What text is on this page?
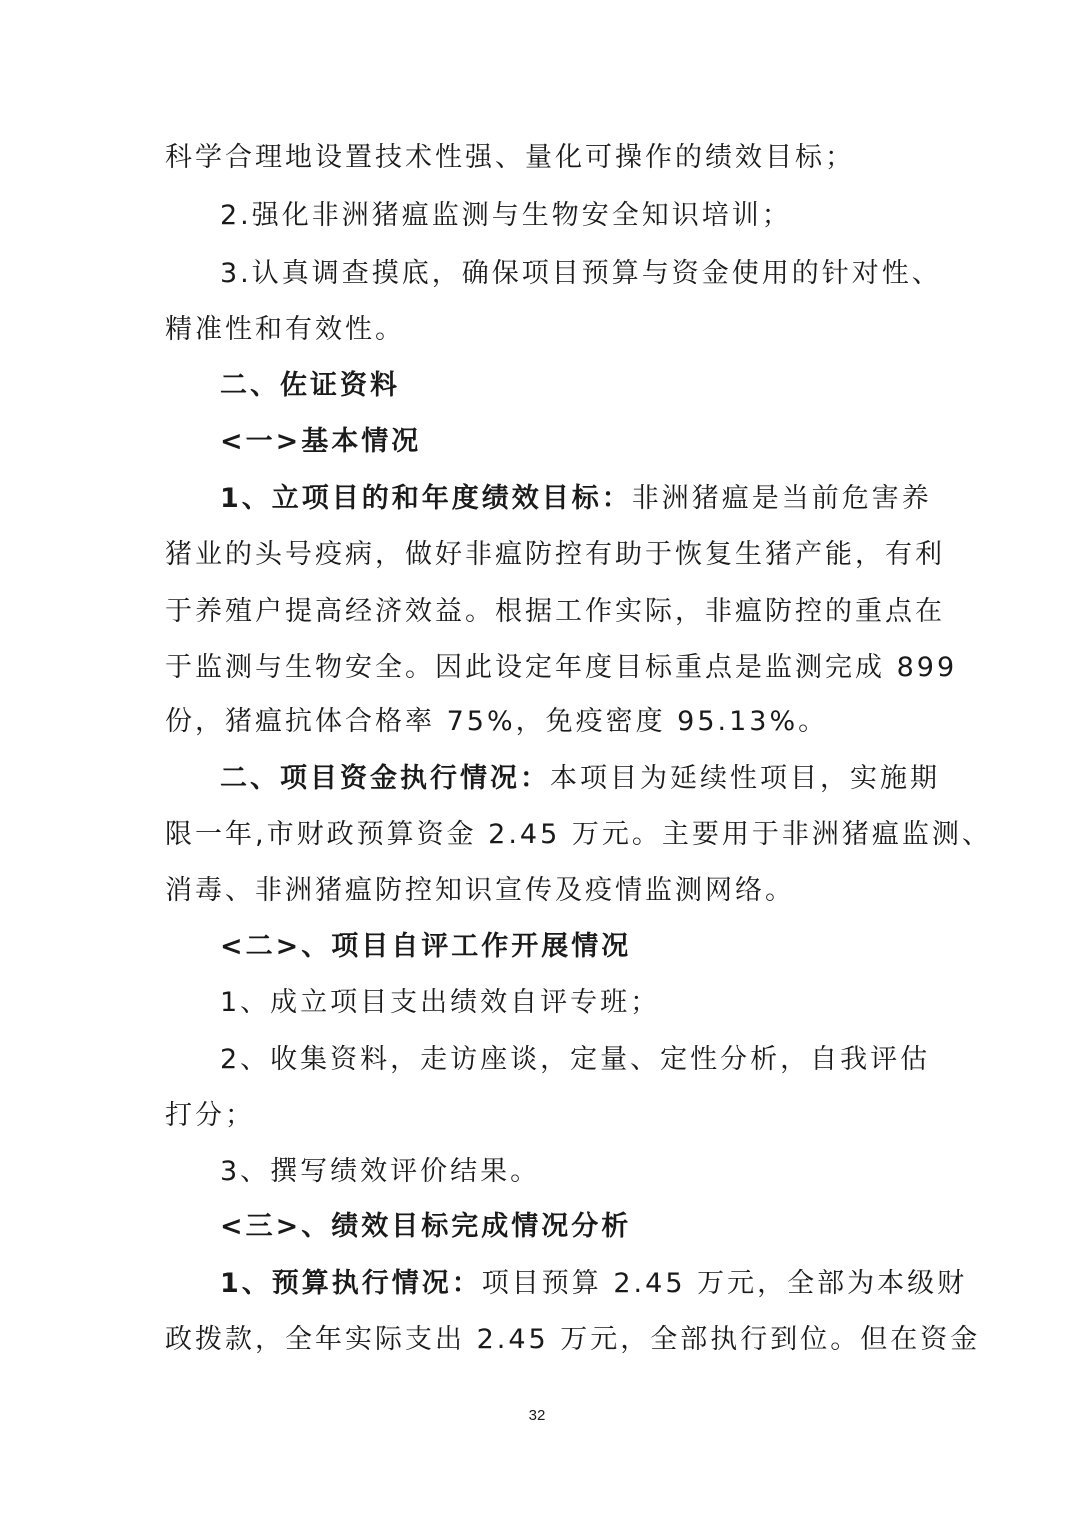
科学合理地设置技术性强、量化可操作的绩效目标；
2.强化非洲猪瘟监测与生物安全知识培训；
3.认真调查摸底，确保项目预算与资金使用的针对性、
精准性和有效性。
二、佐证资料
<一>基本情况
1、立项目的和年度绩效目标：非洲猪瘟是当前危害养
猪业的头号疫病，做好非瘟防控有助于恢复生猪产能，有利
于养殖户提高经济效益。根据工作实际，非瘟防控的重点在
于监测与生物安全。因此设定年度目标重点是监测完成 899
份，猪瘟抗体合格率 75%，免疫密度 95.13%。
二、项目资金执行情况：本项目为延续性项目，实施期
限一年,市财政预算资金 2.45 万元。主要用于非洲猪瘟监测、
消毒、非洲猪瘟防控知识宣传及疫情监测网络。
<二>、项目自评工作开展情况
1、成立项目支出绩效自评专班；
2、收集资料，走访座谈，定量、定性分析，自我评估
打分；
3、撰写绩效评价结果。
<三>、绩效目标完成情况分析
1、预算执行情况：项目预算 2.45 万元，全部为本级财
政拨款，全年实际支出 2.45 万元，全部执行到位。但在资金
32
